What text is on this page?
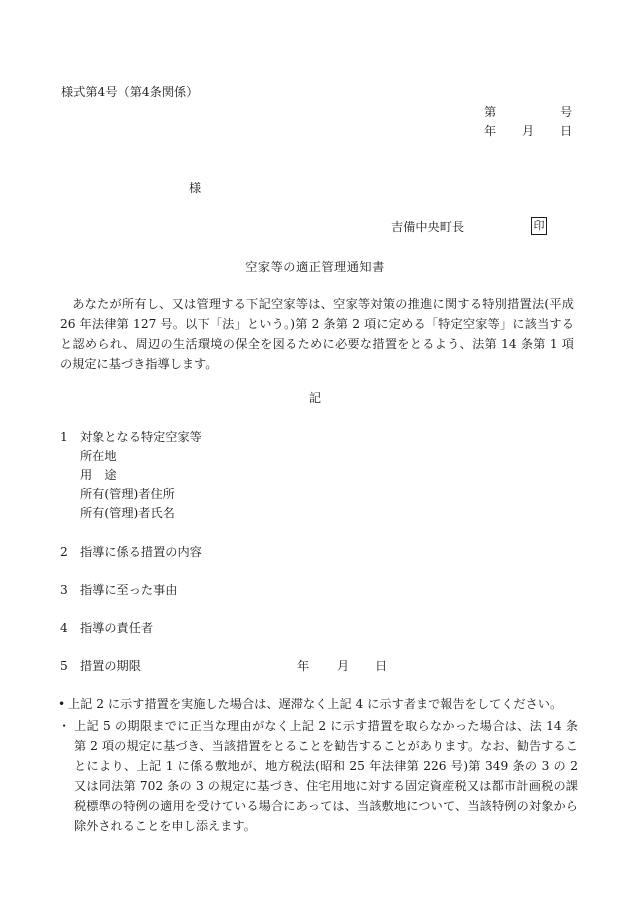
様式第4号（第4条関係）
第	号
年 月 日
様
吉備中央町長	印
空家等の適正管理通知書
あなたが所有し、又は管理する下記空家等は、空家等対策の推進に関する特別措置法(平成 26 年法律第 127 号。以下「法」という。)第 2 条第 2 項に定める「特定空家等」に該当すると認められ、周辺の生活環境の保全を図るために必要な措置をとるよう、法第 14 条第 1 項の規定に基づき指導します。
記
1 対象となる特定空家等
所在地
用　途
所有(管理)者住所
所有(管理)者氏名
2 指導に係る措置の内容
3 指導に至った事由
4 指導の責任者
5 措置の期限	年 月 日
• 上記 2 に示す措置を実施した場合は、遅滞なく上記 4 に示す者まで報告をしてください。
・ 上記 5 の期限までに正当な理由がなく上記 2 に示す措置を取らなかった場合は、法 14 条第 2 項の規定に基づき、当該措置をとることを勧告することがあります。なお、勧告することにより、上記 1 に係る敷地が、地方税法(昭和 25 年法律第 226 号)第 349 条の 3 の 2 又は同法第 702 条の 3 の規定に基づき、住宅用地に対する固定資産税又は都市計画税の課税標準の特例の適用を受けている場合にあっては、当該敷地について、当該特例の対象から除外されることを申し添えます。
